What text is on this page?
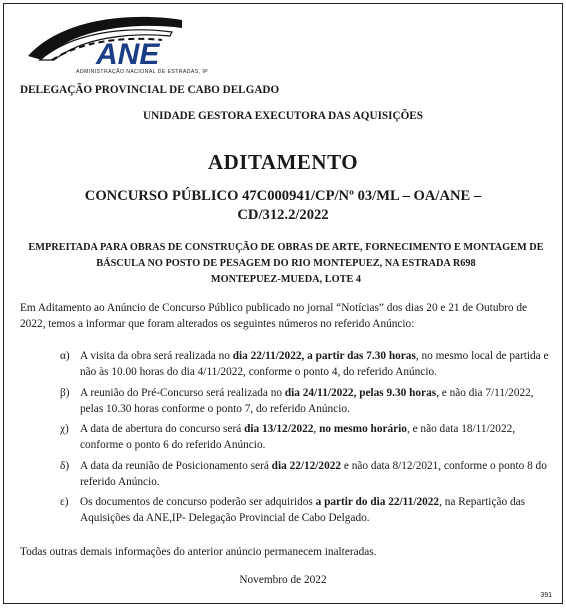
ANE
ADMINISTRAÇÃO NACIONAL DE ESTRADAS, IP
DELEGAÇÃO PROVINCIAL DE CABO DELGADO
UNIDADE GESTORA EXECUTORA DAS AQUISIÇÕES
ADITAMENTO
CONCURSO PÚBLICO 47C000941/CP/Nº 03/ML – OA/ANE –
CD/312.2/2022
EMPREITADA PARA OBRAS DE CONSTRUÇÃO DE OBRAS DE ARTE, FORNECIMENTO E MONTAGEM DE
BÁSCULA NO POSTO DE PESAGEM DO RIO MONTEPUEZ, NA ESTRADA R698
MONTEPUEZ-MUEDA, LOTE 4
Em Aditamento ao Anúncio de Concurso Público publicado no jornal “Notícias” dos dias 20 e 21 de Outubro de 2022, temos a informar que foram alterados os seguintes números no referido Anúncio:
α) A visita da obra será realizada no dia 22/11/2022, a partir das 7.30 horas, no mesmo local de partida e não às 10.00 horas do dia 4/11/2022, conforme o ponto 4, do referido Anúncio.
β) A reunião do Pré-Concurso será realizada no dia 24/11/2022, pelas 9.30 horas, e não dia 7/11/2022, pelas 10.30 horas conforme o ponto 7, do referido Anúncio.
χ) A data de abertura do concurso será dia 13/12/2022, no mesmo horário, e não data 18/11/2022, conforme o ponto 6 do referido Anúncio.
δ) A data da reunião de Posicionamento será dia 22/12/2022 e não data 8/12/2021, conforme o ponto 8 do referido Anúncio.
ε) Os documentos de concurso poderão ser adquiridos a partir do dia 22/11/2022, na Repartição das Aquisições da ANE,IP- Delegação Provincial de Cabo Delgado.
Todas outras demais informações do anterior anúncio permanecem inalteradas.
Novembro de 2022
391
